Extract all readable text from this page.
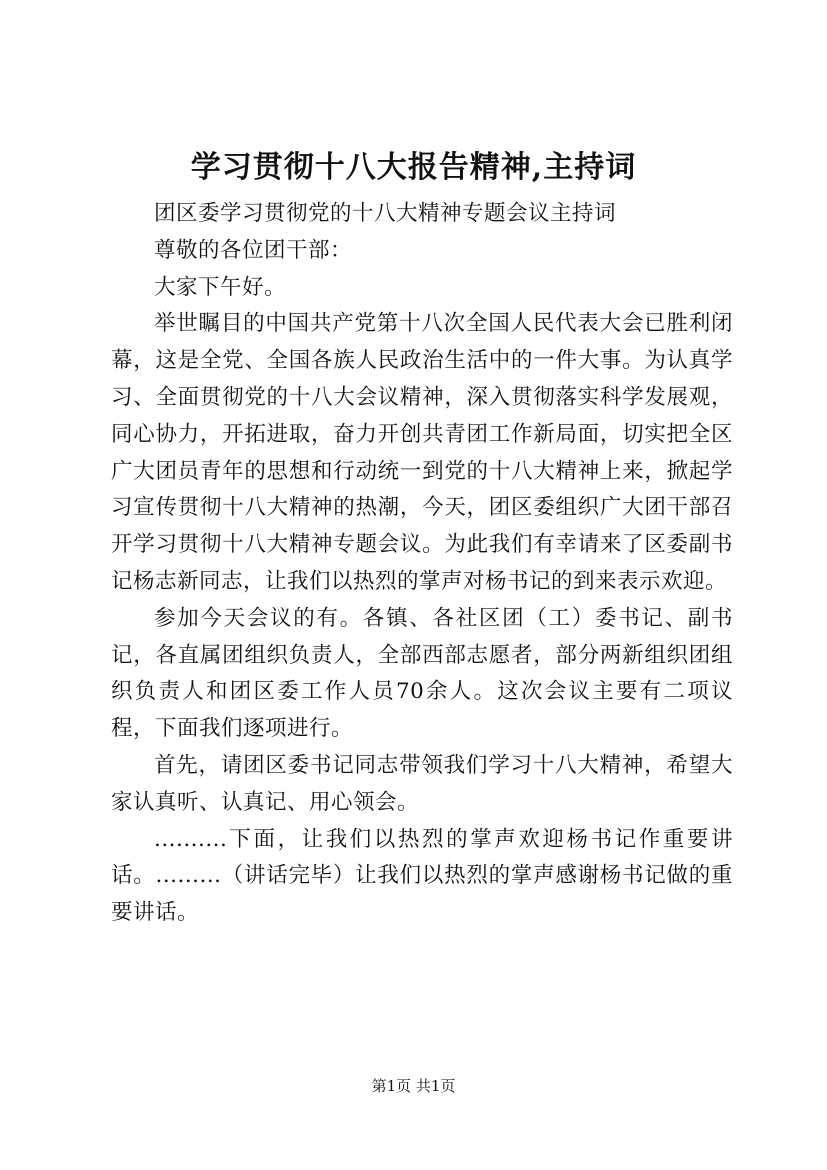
学习贯彻十八大报告精神,主持词

团区委学习贯彻党的十八大精神专题会议主持词

尊敬的各位团干部：

大家下午好。

举世瞩目的中国共产党第十八次全国人民代表大会已胜利闭幕，这是全党、全国各族人民政治生活中的一件大事。为认真学习、全面贯彻党的十八大会议精神，深入贯彻落实科学发展观，同心协力，开拓进取，奋力开创共青团工作新局面，切实把全区广大团员青年的思想和行动统一到党的十八大精神上来，掀起学习宣传贯彻十八大精神的热潮，今天，团区委组织广大团干部召开学习贯彻十八大精神专题会议。为此我们有幸请来了区委副书记杨志新同志，让我们以热烈的掌声对杨书记的到来表示欢迎。

参加今天会议的有。各镇、各社区团（工）委书记、副书记，各直属团组织负责人，全部西部志愿者，部分两新组织团组织负责人和团区委工作人员70余人。这次会议主要有二项议程，下面我们逐项进行。

首先，请团区委书记同志带领我们学习十八大精神，希望大家认真听、认真记、用心领会。

..........下面，让我们以热烈的掌声欢迎杨书记作重要讲话。.........（讲话完毕）让我们以热烈的掌声感谢杨书记做的重要讲话。

第1页 共1页
